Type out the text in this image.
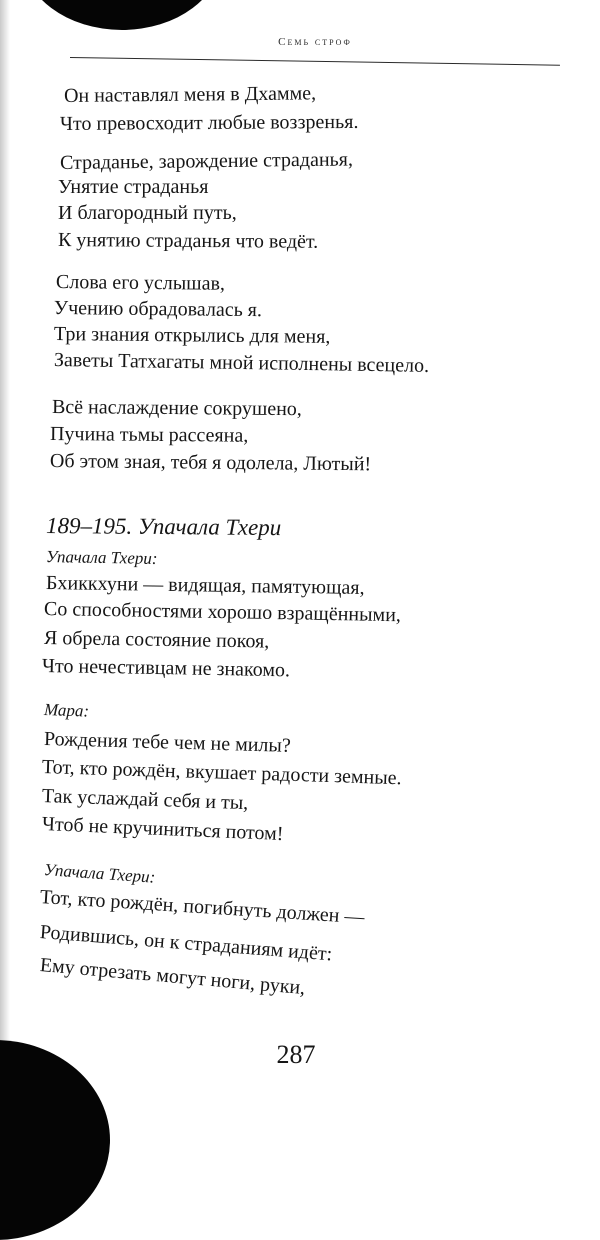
Семь строф
Он наставлял меня в Дхамме,
Что превосходит любые воззренья.
Страданье, зарождение страданья,
Унятие страданья
И благородный путь,
К унятию страданья что ведёт.
Слова его услышав,
Учению обрадовалась я.
Три знания открылись для меня,
Заветы Татхагаты мной исполнены всецело.
Всё наслаждение сокрушено,
Пучина тьмы рассеяна,
Об этом зная, тебя я одолела, Лютый!
189–195. Упачала Тхери
Упачала Тхери:
Бхиккхуни — видящая, памятующая,
Со способностями хорошо взращёнными,
Я обрела состояние покоя,
Что нечестивцам не знакомо.
Мара:
Рождения тебе чем не милы?
Тот, кто рождён, вкушает радости земные.
Так услаждай себя и ты,
Чтоб не кручиниться потом!
Упачала Тхери:
Тот, кто рождён, погибнуть должен —
Родившись, он к страданиям идёт:
Ему отрезать могут ноги, руки,
287
